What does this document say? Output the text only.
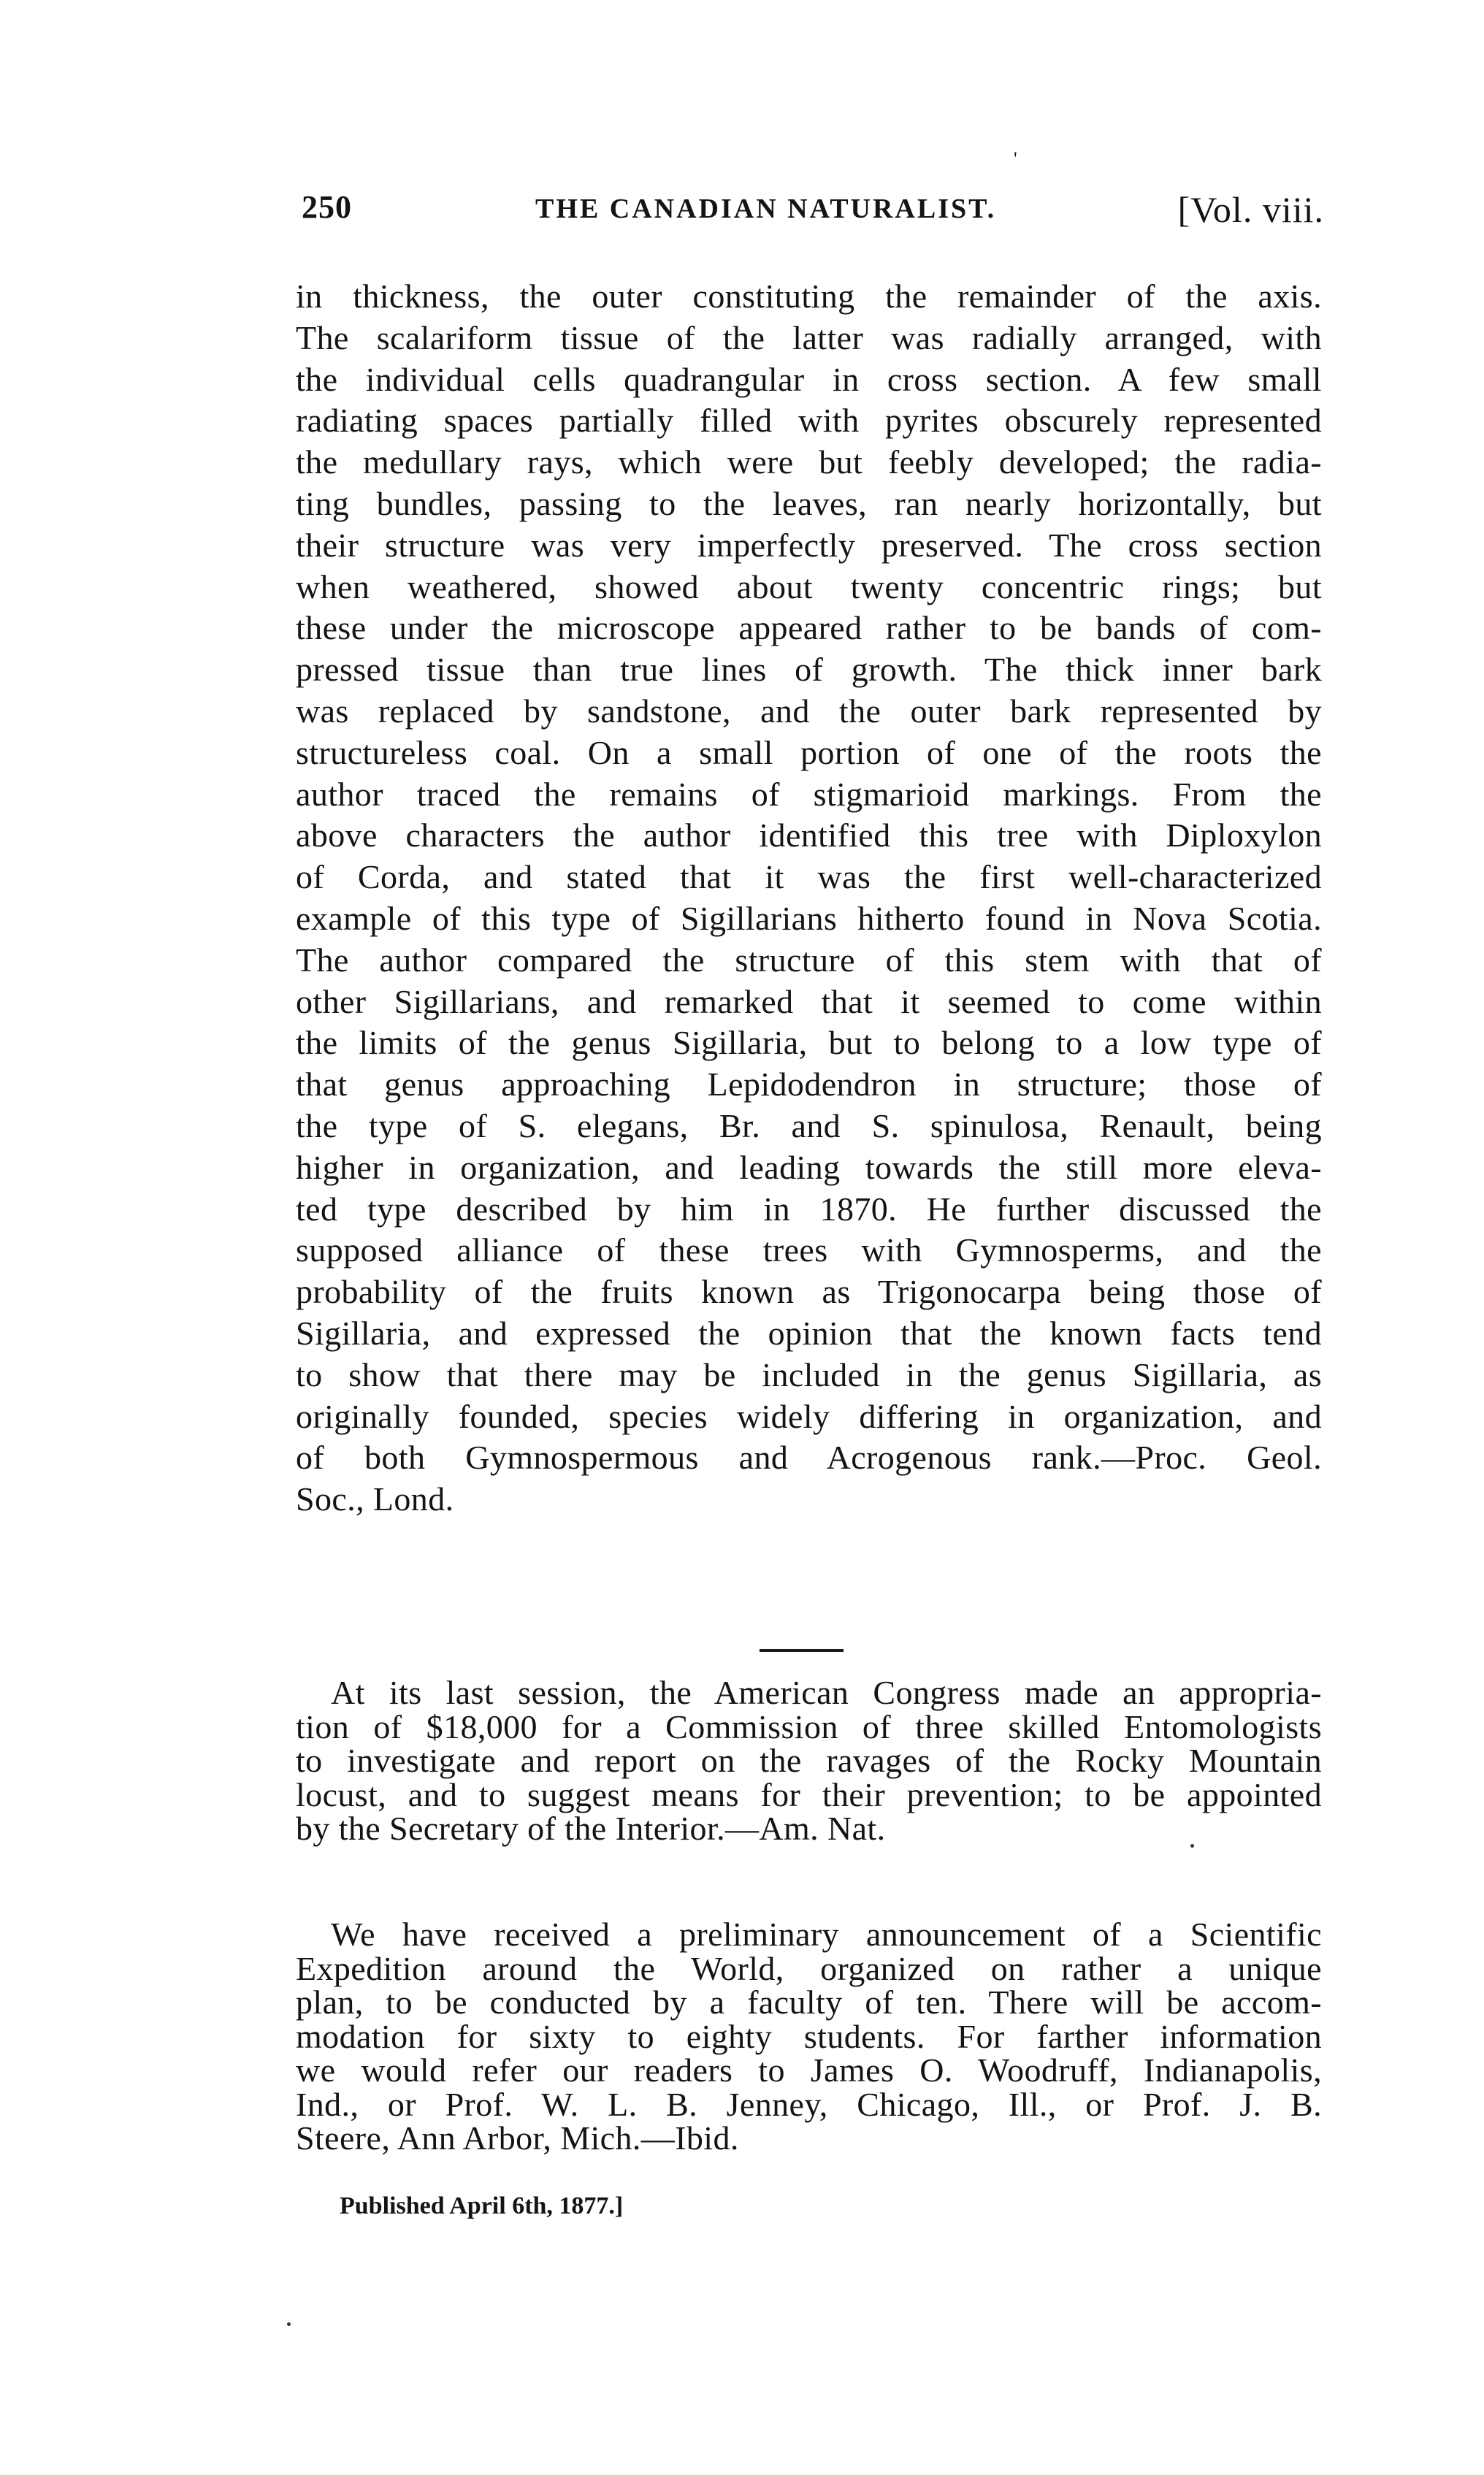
'
250	THE CANADIAN NATURALIST.	[Vol. viii.
in thickness, the outer constituting the remainder of the axis.
The scalariform tissue of the latter was radially arranged, with
the individual cells quadrangular in cross section. A few small
radiating spaces partially filled with pyrites obscurely represented
the medullary rays, which were but feebly developed; the radia-
ting bundles, passing to the leaves, ran nearly horizontally, but
their structure was very imperfectly preserved. The cross section
when weathered, showed about twenty concentric rings; but
these under the microscope appeared rather to be bands of com-
pressed tissue than true lines of growth. The thick inner bark
was replaced by sandstone, and the outer bark represented by
structureless coal. On a small portion of one of the roots the
author traced the remains of stigmarioid markings. From the
above characters the author identified this tree with Diploxylon
of Corda, and stated that it was the first well-characterized
example of this type of Sigillarians hitherto found in Nova Scotia.
The author compared the structure of this stem with that of
other Sigillarians, and remarked that it seemed to come within
the limits of the genus Sigillaria, but to belong to a low type of
that genus approaching Lepidodendron in structure; those of
the type of S. elegans, Br. and S. spinulosa, Renault, being
higher in organization, and leading towards the still more eleva-
ted type described by him in 1870. He further discussed the
supposed alliance of these trees with Gymnosperms, and the
probability of the fruits known as Trigonocarpa being those of
Sigillaria, and expressed the opinion that the known facts tend
to show that there may be included in the genus Sigillaria, as
originally founded, species widely differing in organization, and
of both Gymnospermous and Acrogenous rank.—Proc. Geol.
Soc., Lond.
At its last session, the American Congress made an appropria-
tion of $18,000 for a Commission of three skilled Entomologists
to investigate and report on the ravages of the Rocky Mountain
locust, and to suggest means for their prevention; to be appointed
by the Secretary of the Interior.—Am. Nat.
We have received a preliminary announcement of a Scientific
Expedition around the World, organized on rather a unique
plan, to be conducted by a faculty of ten. There will be accom-
modation for sixty to eighty students. For farther information
we would refer our readers to James O. Woodruff, Indianapolis,
Ind., or Prof. W. L. B. Jenney, Chicago, Ill., or Prof. J. B.
Steere, Ann Arbor, Mich.—Ibid.
Published April 6th, 1877.]
